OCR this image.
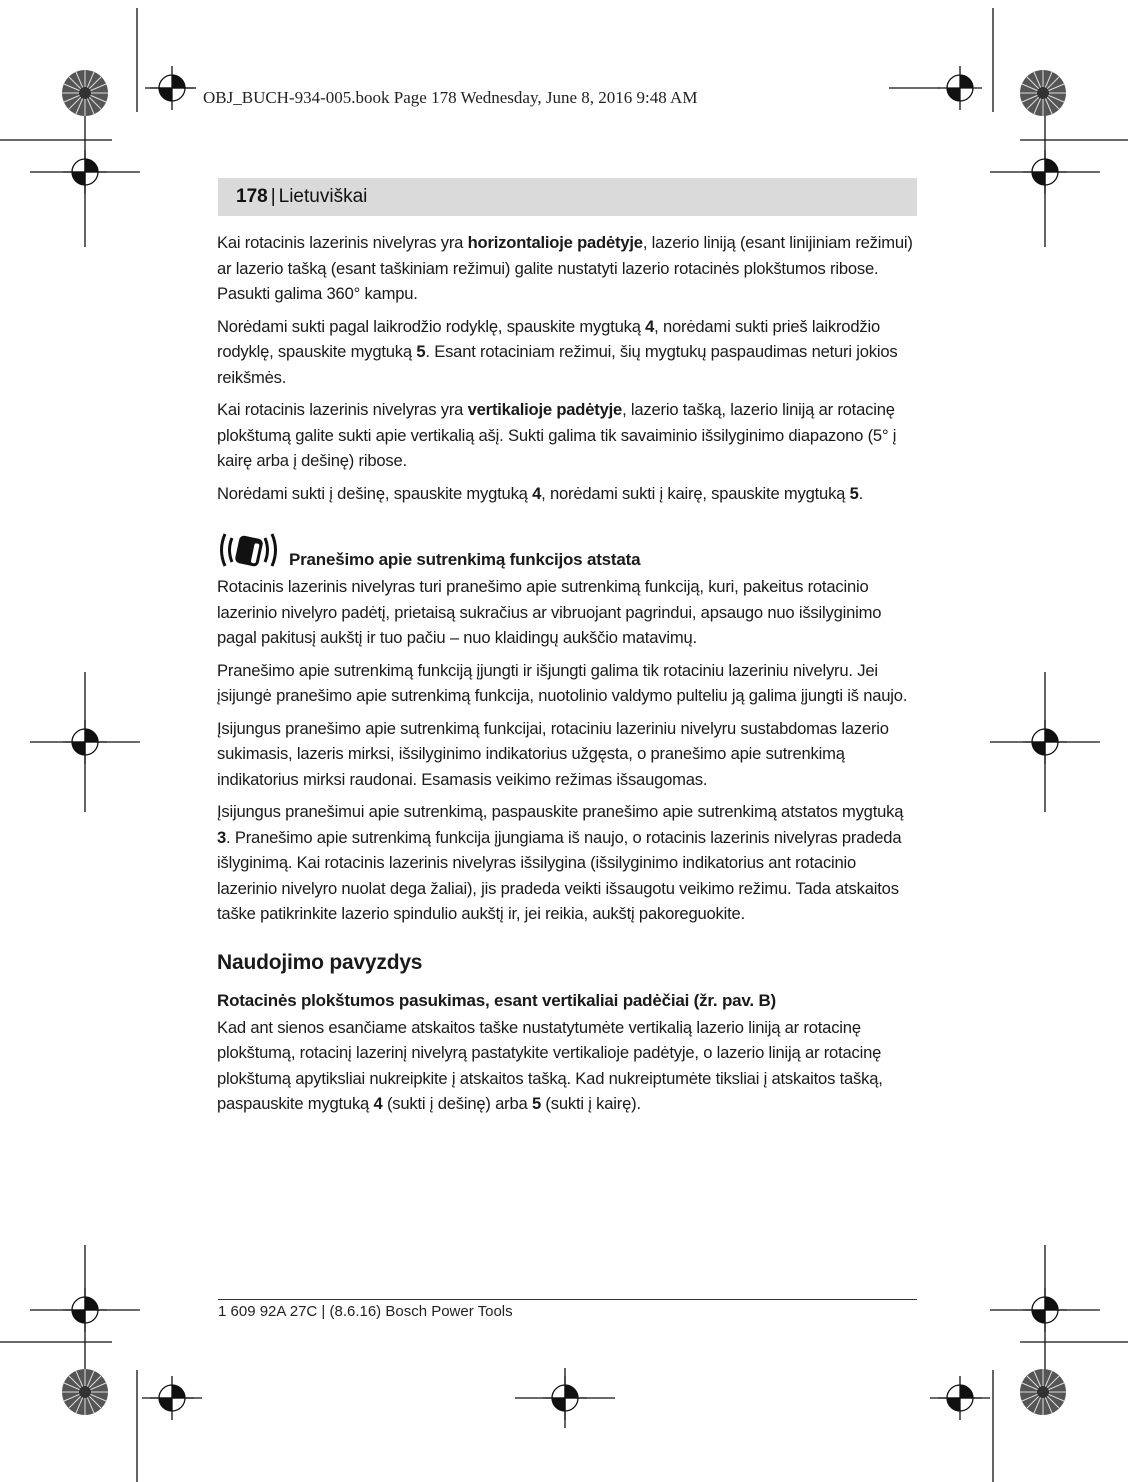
OBJ_BUCH-934-005.book Page 178 Wednesday, June 8, 2016 9:48 AM
178 | Lietuviškai

Kai rotacinis lazerinis nivelyras yra horizontalioje padėtyje, lazerio liniją (esant linijiniam režimui) ar lazerio tašką (esant taškiniam režimui) galite nustatyti lazerio rotacinės plokštumos ribose. Pasukti galima 360° kampu.

Norėdami sukti pagal laikrodžio rodyklę, spauskite mygtuką 4, norėdami sukti prieš laikrodžio rodyklę, spauskite mygtuką 5. Esant rotaciniam režimui, šių mygtukų paspaudimas neturi jokios reikšmės.

Kai rotacinis lazerinis nivelyras yra vertikalioje padėtyje, lazerio tašką, lazerio liniją ar rotacinę plokštumą galite sukti apie vertikalią ašį. Sukti galima tik savaiminio išsilyginimo diapazono (5° į kairę arba į dešinę) ribose.

Norėdami sukti į dešinę, spauskite mygtuką 4, norėdami sukti į kairę, spauskite mygtuką 5.

Pranešimo apie sutrenkimą funkcijos atstata

Rotacinis lazerinis nivelyras turi pranešimo apie sutrenkimą funkciją, kuri, pakeitus rotacinio lazerinio nivelyro padėtį, prietaisą sukračius ar vibruojant pagrindui, apsaugo nuo išsilyginimo pagal pakitusį aukštį ir tuo pačiu – nuo klaidingų aukščio matavimų.

Pranešimo apie sutrenkimą funkciją įjungti ir išjungti galima tik rotaciniu lazeriniu nivelyru. Jei įsijungė pranešimo apie sutrenkimą funkcija, nuotolinio valdymo pulteliu ją galima įjungti iš naujo.

Įsijungus pranešimo apie sutrenkimą funkcijai, rotaciniu lazeriniu nivelyru sustabdomas lazerio sukimasis, lazeris mirksi, išsilyginimo indikatorius užgęsta, o pranešimo apie sutrenkimą indikatorius mirksi raudonai. Esamasis veikimo režimas išsaugomas.

Įsijungus pranešimui apie sutrenkimą, paspauskite pranešimo apie sutrenkimą atstatos mygtuką 3. Pranešimo apie sutrenkimą funkcija įjungiama iš naujo, o rotacinis lazerinis nivelyras pradeda išlyginimą. Kai rotacinis lazerinis nivelyras išsilygina (išsilyginimo indikatorius ant rotacinio lazerinio nivelyro nuolat dega žaliai), jis pradeda veikti išsaugotu veikimo režimu. Tada atskaitos taške patikrinkite lazerio spindulio aukštį ir, jei reikia, aukštį pakoreguokite.

Naudojimo pavyzdys
Rotacinės plokštumos pasukimas, esant vertikaliai padėčiai (žr. pav. B)

Kad ant sienos esančiame atskaitos taške nustatytumėte vertikalią lazerio liniją ar rotacinę plokštumą, rotacinį lazerinį nivelyrą pastatykite vertikalioje padėtyje, o lazerio liniją ar rotacinę plokštumą apytiksliai nukreipkite į atskaitos tašką. Kad nukreiptumėte tiksliai į atskaitos tašką, paspauskite mygtuką 4 (sukti į dešinę) arba 5 (sukti į kairę).

1 609 92A 27C | (8.6.16) Bosch Power Tools
